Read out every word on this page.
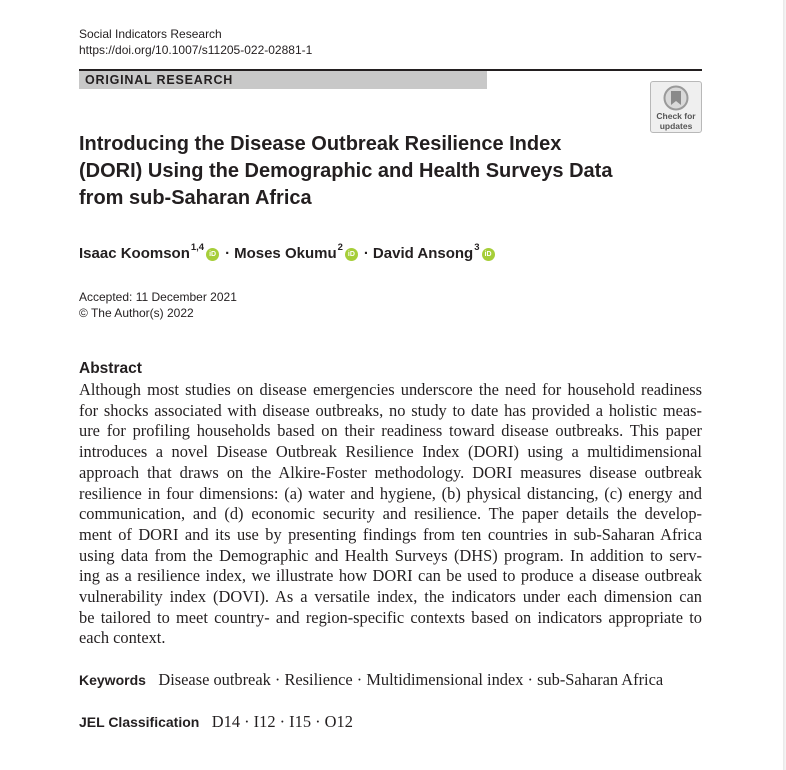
Social Indicators Research
https://doi.org/10.1007/s11205-022-02881-1
ORIGINAL RESEARCH
Check for
updates
Introducing the Disease Outbreak Resilience Index
(DORI) Using the Demographic and Health Surveys Data
from sub-Saharan Africa
Isaac Koomson$^{1,4}$iD · Moses Okumu$^2$iD · David Ansong$^3$iD
Accepted: 11 December 2021
© The Author(s) 2022
Abstract
Although most studies on disease emergencies underscore the need for household readiness
for shocks associated with disease outbreaks, no study to date has provided a holistic meas-
ure for profiling households based on their readiness toward disease outbreaks. This paper
introduces a novel Disease Outbreak Resilience Index (DORI) using a multidimensional
approach that draws on the Alkire-Foster methodology. DORI measures disease outbreak
resilience in four dimensions: (a) water and hygiene, (b) physical distancing, (c) energy and
communication, and (d) economic security and resilience. The paper details the develop-
ment of DORI and its use by presenting findings from ten countries in sub-Saharan Africa
using data from the Demographic and Health Surveys (DHS) program. In addition to serv-
ing as a resilience index, we illustrate how DORI can be used to produce a disease outbreak
vulnerability index (DOVI). As a versatile index, the indicators under each dimension can
be tailored to meet country- and region-specific contexts based on indicators appropriate to
each context.
Keywords Disease outbreak · Resilience · Multidimensional index · sub-Saharan Africa
JEL Classification D14 · I12 · I15 · O12
